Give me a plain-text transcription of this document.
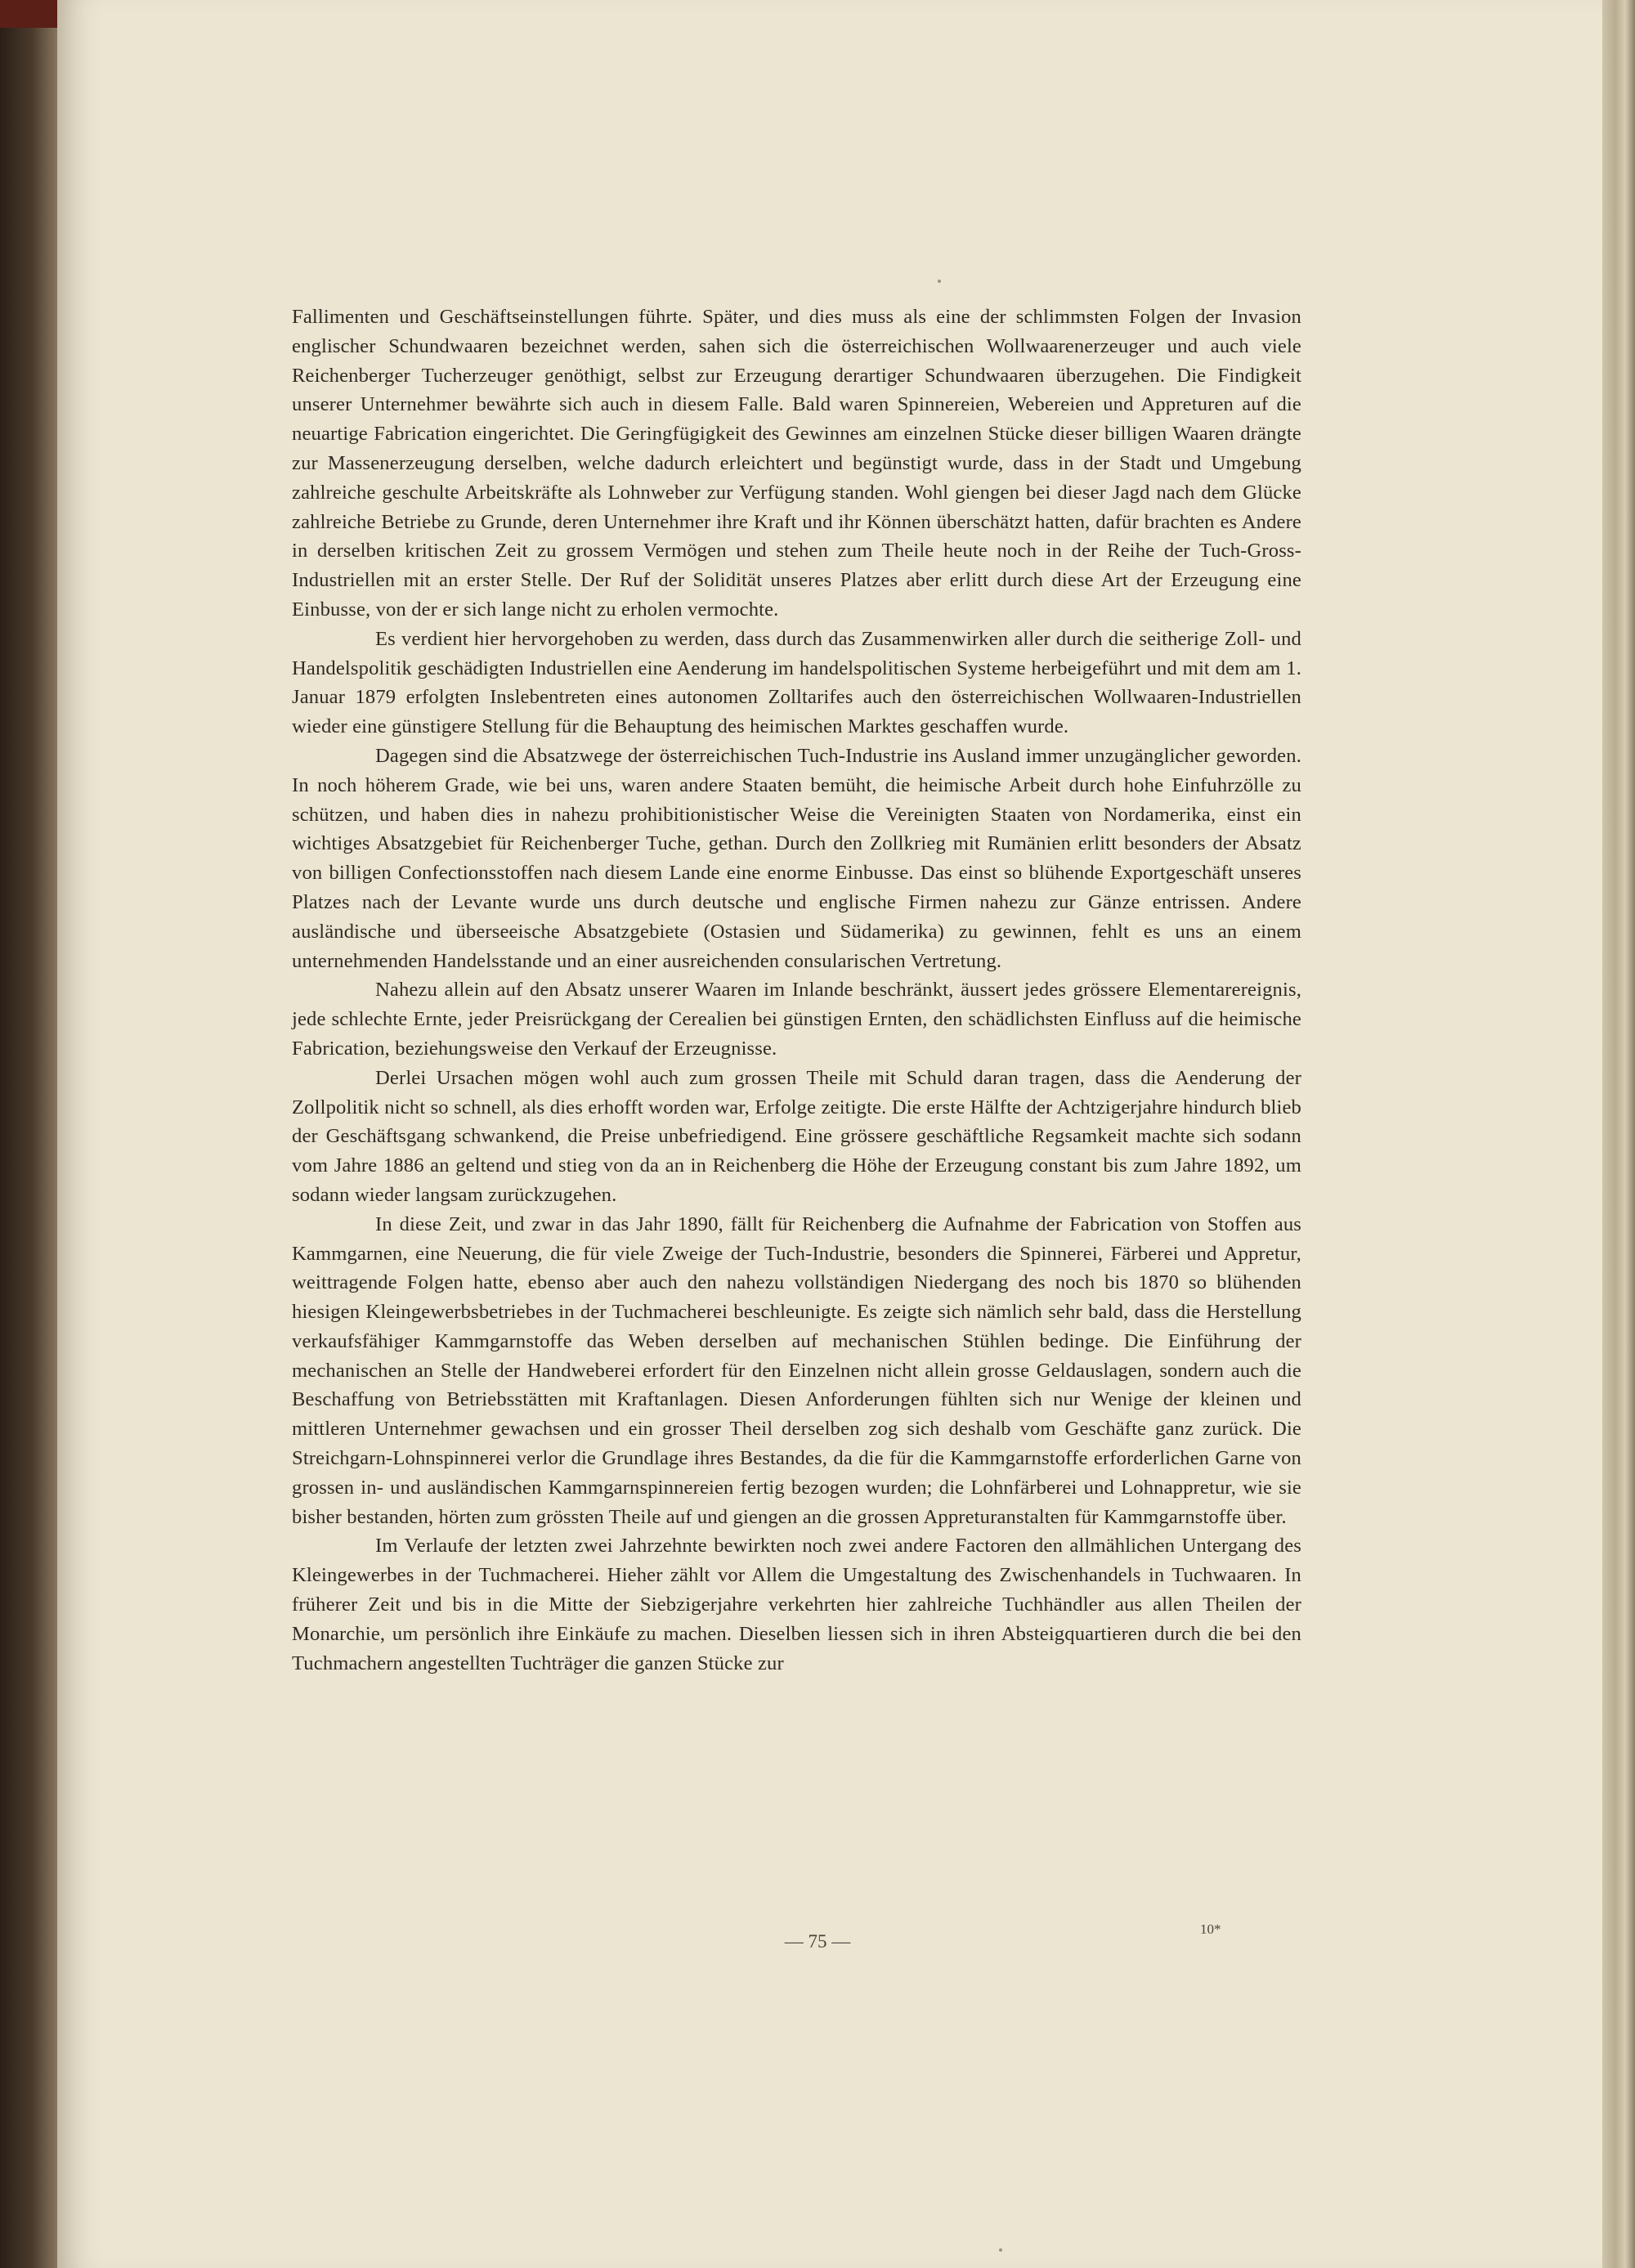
Fallimenten und Geschäftseinstellungen führte. Später, und dies muss als eine der schlimmsten Folgen der Invasion englischer Schundwaaren bezeichnet werden, sahen sich die österreichischen Wollwaarenerzeuger und auch viele Reichenberger Tucherzeuger genöthigt, selbst zur Erzeugung derartiger Schundwaaren überzugehen. Die Findigkeit unserer Unternehmer bewährte sich auch in diesem Falle. Bald waren Spinnereien, Webereien und Appreturen auf die neuartige Fabrication eingerichtet. Die Geringfügigkeit des Gewinnes am einzelnen Stücke dieser billigen Waaren drängte zur Massenerzeugung derselben, welche dadurch erleichtert und begünstigt wurde, dass in der Stadt und Umgebung zahlreiche geschulte Arbeitskräfte als Lohnweber zur Verfügung standen. Wohl giengen bei dieser Jagd nach dem Glücke zahlreiche Betriebe zu Grunde, deren Unternehmer ihre Kraft und ihr Können überschätzt hatten, dafür brachten es Andere in derselben kritischen Zeit zu grossem Vermögen und stehen zum Theile heute noch in der Reihe der Tuch-Gross-Industriellen mit an erster Stelle. Der Ruf der Solidität unseres Platzes aber erlitt durch diese Art der Erzeugung eine Einbusse, von der er sich lange nicht zu erholen vermochte.

Es verdient hier hervorgehoben zu werden, dass durch das Zusammenwirken aller durch die seitherige Zoll- und Handelspolitik geschädigten Industriellen eine Aenderung im handelspolitischen Systeme herbeigeführt und mit dem am 1. Januar 1879 erfolgten Inslebentreten eines autonomen Zolltarifes auch den österreichischen Wollwaaren-Industriellen wieder eine günstigere Stellung für die Behauptung des heimischen Marktes geschaffen wurde.

Dagegen sind die Absatzwege der österreichischen Tuch-Industrie ins Ausland immer unzugänglicher geworden. In noch höherem Grade, wie bei uns, waren andere Staaten bemüht, die heimische Arbeit durch hohe Einfuhrzölle zu schützen, und haben dies in nahezu prohibitionistischer Weise die Vereinigten Staaten von Nordamerika, einst ein wichtiges Absatzgebiet für Reichenberger Tuche, gethan. Durch den Zollkrieg mit Rumänien erlitt besonders der Absatz von billigen Confectionsstoffen nach diesem Lande eine enorme Einbusse. Das einst so blühende Exportgeschäft unseres Platzes nach der Levante wurde uns durch deutsche und englische Firmen nahezu zur Gänze entrissen. Andere ausländische und überseeische Absatzgebiete (Ostasien und Südamerika) zu gewinnen, fehlt es uns an einem unternehmenden Handelsstande und an einer ausreichenden consularischen Vertretung.

Nahezu allein auf den Absatz unserer Waaren im Inlande beschränkt, äussert jedes grössere Elementarereignis, jede schlechte Ernte, jeder Preisrückgang der Cerealien bei günstigen Ernten, den schädlichsten Einfluss auf die heimische Fabrication, beziehungsweise den Verkauf der Erzeugnisse.

Derlei Ursachen mögen wohl auch zum grossen Theile mit Schuld daran tragen, dass die Aenderung der Zollpolitik nicht so schnell, als dies erhofft worden war, Erfolge zeitigte. Die erste Hälfte der Achtzigerjahre hindurch blieb der Geschäftsgang schwankend, die Preise unbefriedigend. Eine grössere geschäftliche Regsamkeit machte sich sodann vom Jahre 1886 an geltend und stieg von da an in Reichenberg die Höhe der Erzeugung constant bis zum Jahre 1892, um sodann wieder langsam zurückzugehen.

In diese Zeit, und zwar in das Jahr 1890, fällt für Reichenberg die Aufnahme der Fabrication von Stoffen aus Kammgarnen, eine Neuerung, die für viele Zweige der Tuch-Industrie, besonders die Spinnerei, Färberei und Appretur, weittragende Folgen hatte, ebenso aber auch den nahezu vollständigen Niedergang des noch bis 1870 so blühenden hiesigen Kleingewerbsbetriebes in der Tuchmacherei beschleunigte. Es zeigte sich nämlich sehr bald, dass die Herstellung verkaufsfähiger Kammgarnstoffe das Weben derselben auf mechanischen Stühlen bedinge. Die Einführung der mechanischen an Stelle der Handweberei erfordert für den Einzelnen nicht allein grosse Geldauslagen, sondern auch die Beschaffung von Betriebsstätten mit Kraftanlagen. Diesen Anforderungen fühlten sich nur Wenige der kleinen und mittleren Unternehmer gewachsen und ein grosser Theil derselben zog sich deshalb vom Geschäfte ganz zurück. Die Streichgarn-Lohnspinnerei verlor die Grundlage ihres Bestandes, da die für die Kammgarnstoffe erforderlichen Garne von grossen in- und ausländischen Kammgarnspinnereien fertig bezogen wurden; die Lohnfärberei und Lohnappretur, wie sie bisher bestanden, hörten zum grössten Theile auf und giengen an die grossen Appreturanstalten für Kammgarnstoffe über.

Im Verlaufe der letzten zwei Jahrzehnte bewirkten noch zwei andere Factoren den allmählichen Untergang des Kleingewerbes in der Tuchmacherei. Hieher zählt vor Allem die Umgestaltung des Zwischenhandels in Tuchwaaren. In früherer Zeit und bis in die Mitte der Siebzigerjahre verkehrten hier zahlreiche Tuchhändler aus allen Theilen der Monarchie, um persönlich ihre Einkäufe zu machen. Dieselben liessen sich in ihren Absteigquartieren durch die bei den Tuchmachern angestellten Tuchträger die ganzen Stücke zur

— 75 —
10*
